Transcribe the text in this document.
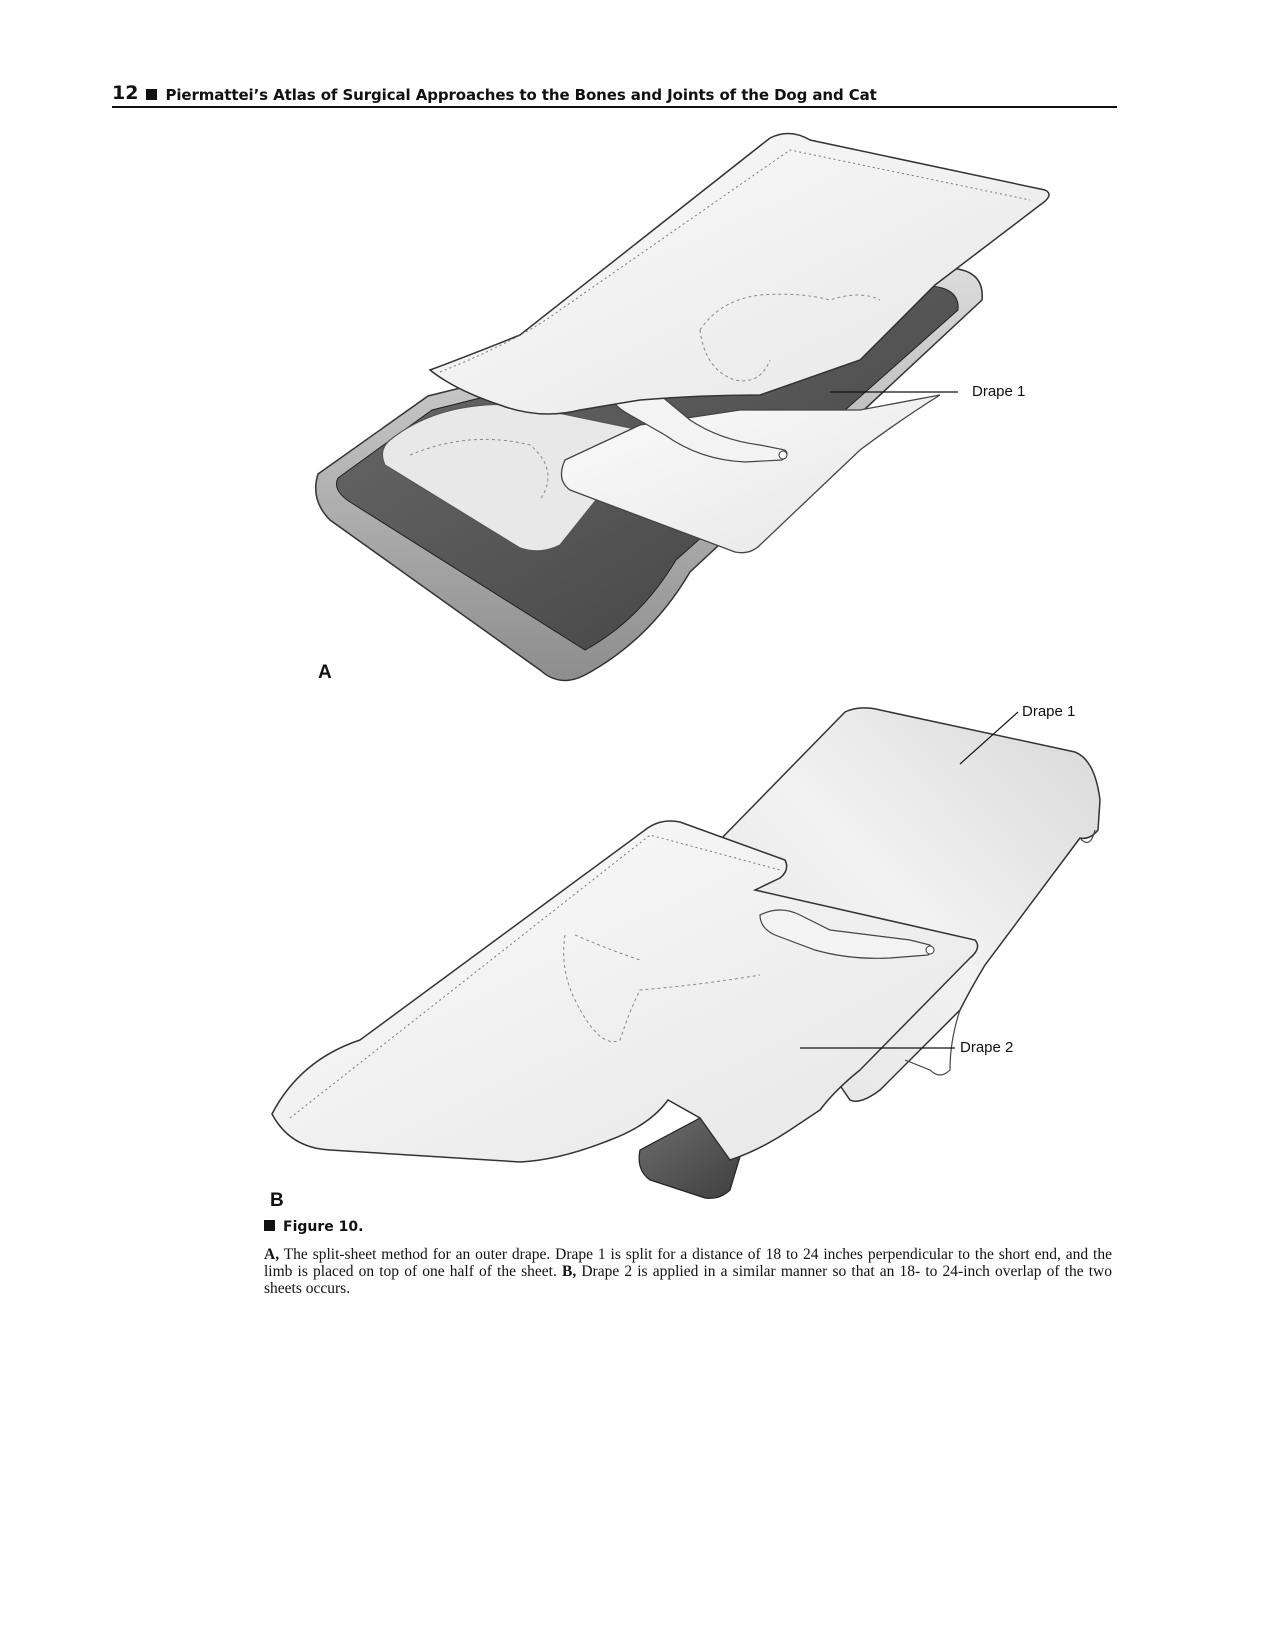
12 Piermattei’s Atlas of Surgical Approaches to the Bones and Joints of the Dog and Cat
A
B
Drape 1
Drape 1
Drape 2
Figure 10.
A, The split-sheet method for an outer drape. Drape 1 is split for a distance of 18 to 24 inches perpendicular to the short end, and the limb is placed on top of one half of the sheet. B, Drape 2 is applied in a similar manner so that an 18- to 24-inch overlap of the two sheets occurs.
